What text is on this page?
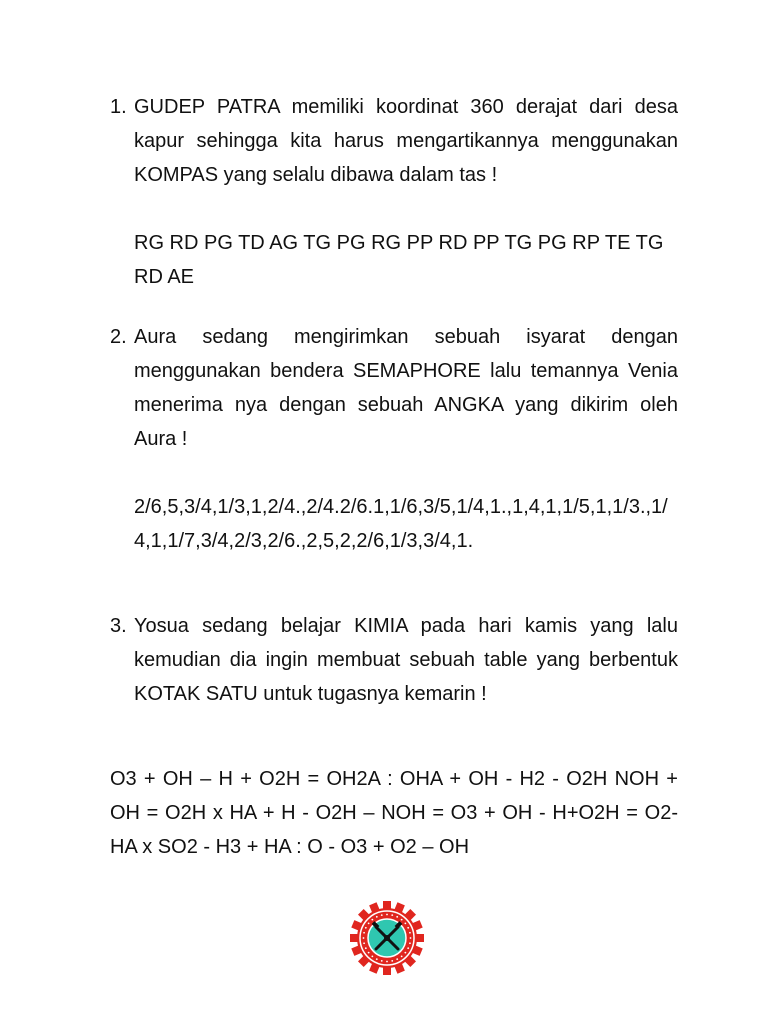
1. GUDEP PATRA memiliki koordinat 360 derajat dari desa kapur sehingga kita harus mengartikannya menggunakan KOMPAS yang selalu dibawa dalam tas !
RG RD PG TD AG TG PG RG PP RD PP TG PG RP TE TG RD AE
2. Aura sedang mengirimkan sebuah isyarat dengan menggunakan bendera SEMAPHORE lalu temannya Venia menerima nya dengan sebuah ANGKA yang dikirim oleh Aura !
2/6,5,3/4,1/3,1,2/4.,2/4.2/6.1,1/6,3/5,1/4,1.,1,4,1,1/5,1,1/3.,1/4,1,1/7,3/4,2/3,2/6.,2,5,2,2/6,1/3,3/4,1.
3. Yosua sedang belajar KIMIA pada hari kamis yang lalu kemudian dia ingin membuat sebuah table yang berbentuk KOTAK SATU untuk tugasnya kemarin !
O3 + OH – H + O2H = OH2A : OHA + OH - H2 - O2H NOH + OH = O2H x HA + H - O2H – NOH = O3 + OH - H+O2H = O2-HA x SO2 - H3 + HA : O - O3 + O2 – OH
